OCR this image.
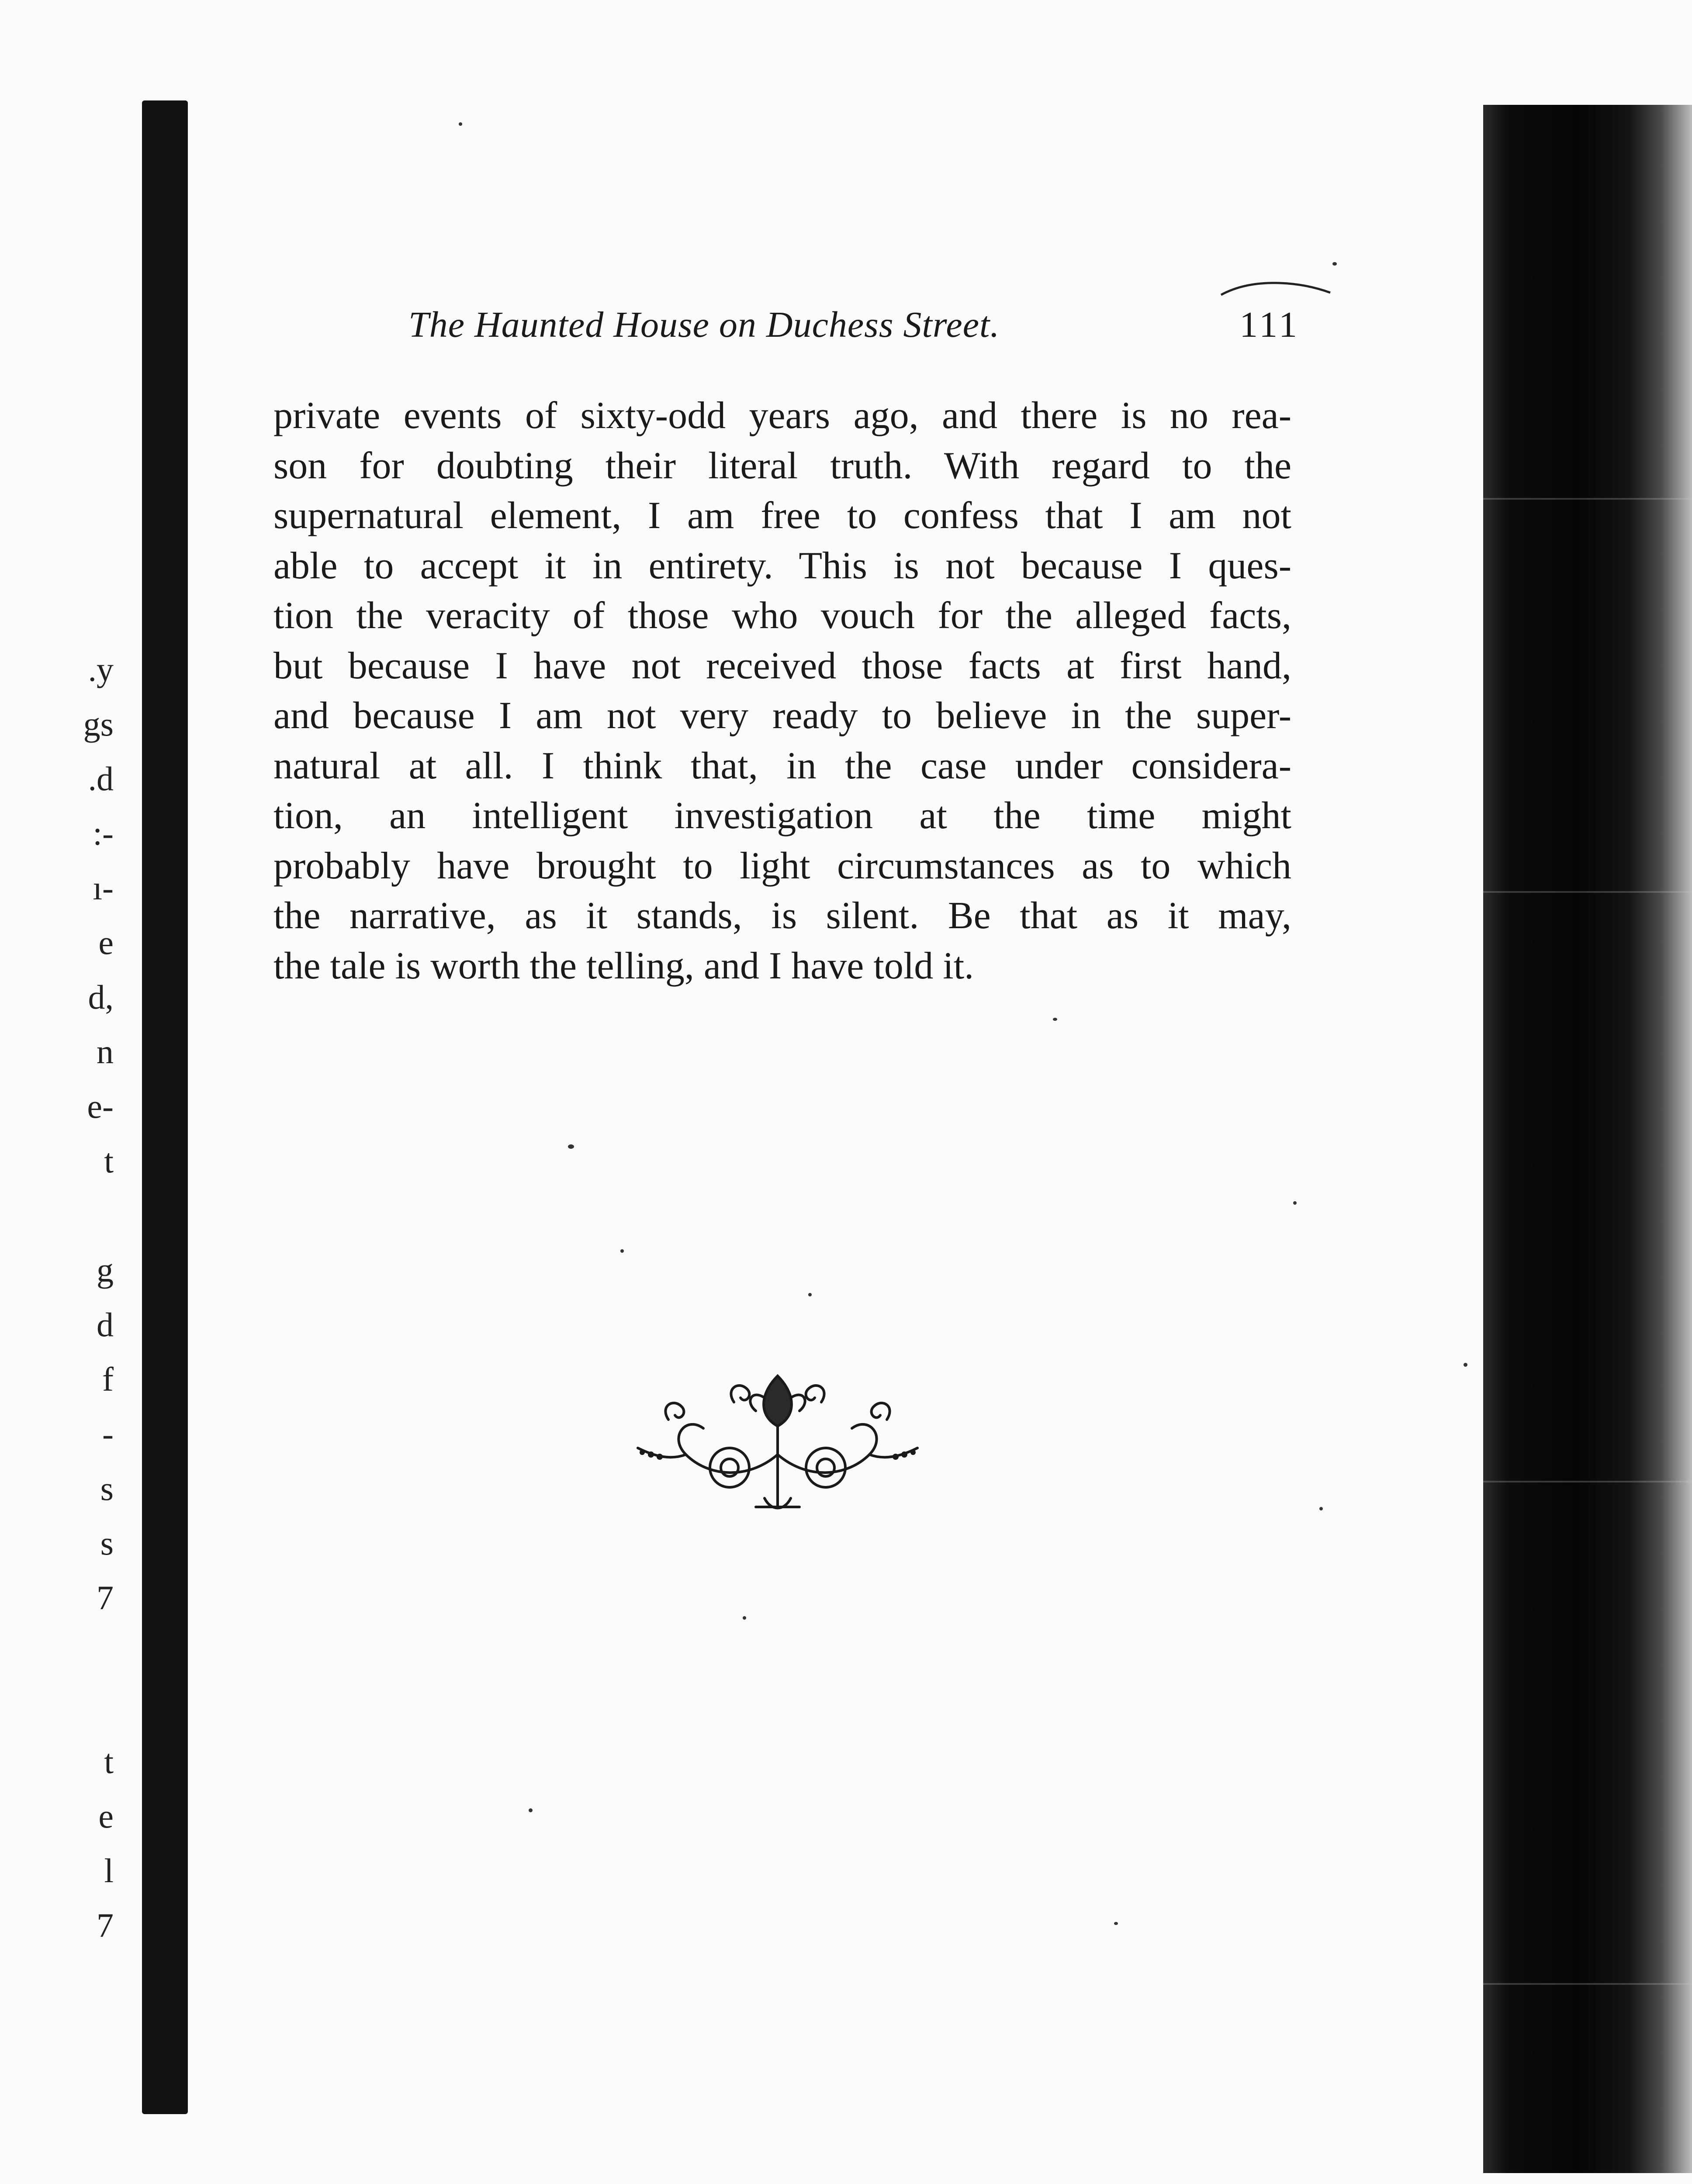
.y
gs
.d
:-
ı-
e
d,
n
e-
t
g
d
f
-
s
s
7
t
e
l
7
The Haunted House on Duchess Street.	111
private events of sixty-odd years ago, and there is no rea-
son for doubting their literal truth. With regard to the
supernatural element, I am free to confess that I am not
able to accept it in entirety. This is not because I ques-
tion the veracity of those who vouch for the alleged facts,
but because I have not received those facts at first hand,
and because I am not very ready to believe in the super-
natural at all. I think that, in the case under considera-
tion, an intelligent investigation at the time might
probably have brought to light circumstances as to which
the narrative, as it stands, is silent. Be that as it may,
the tale is worth the telling, and I have told it.
